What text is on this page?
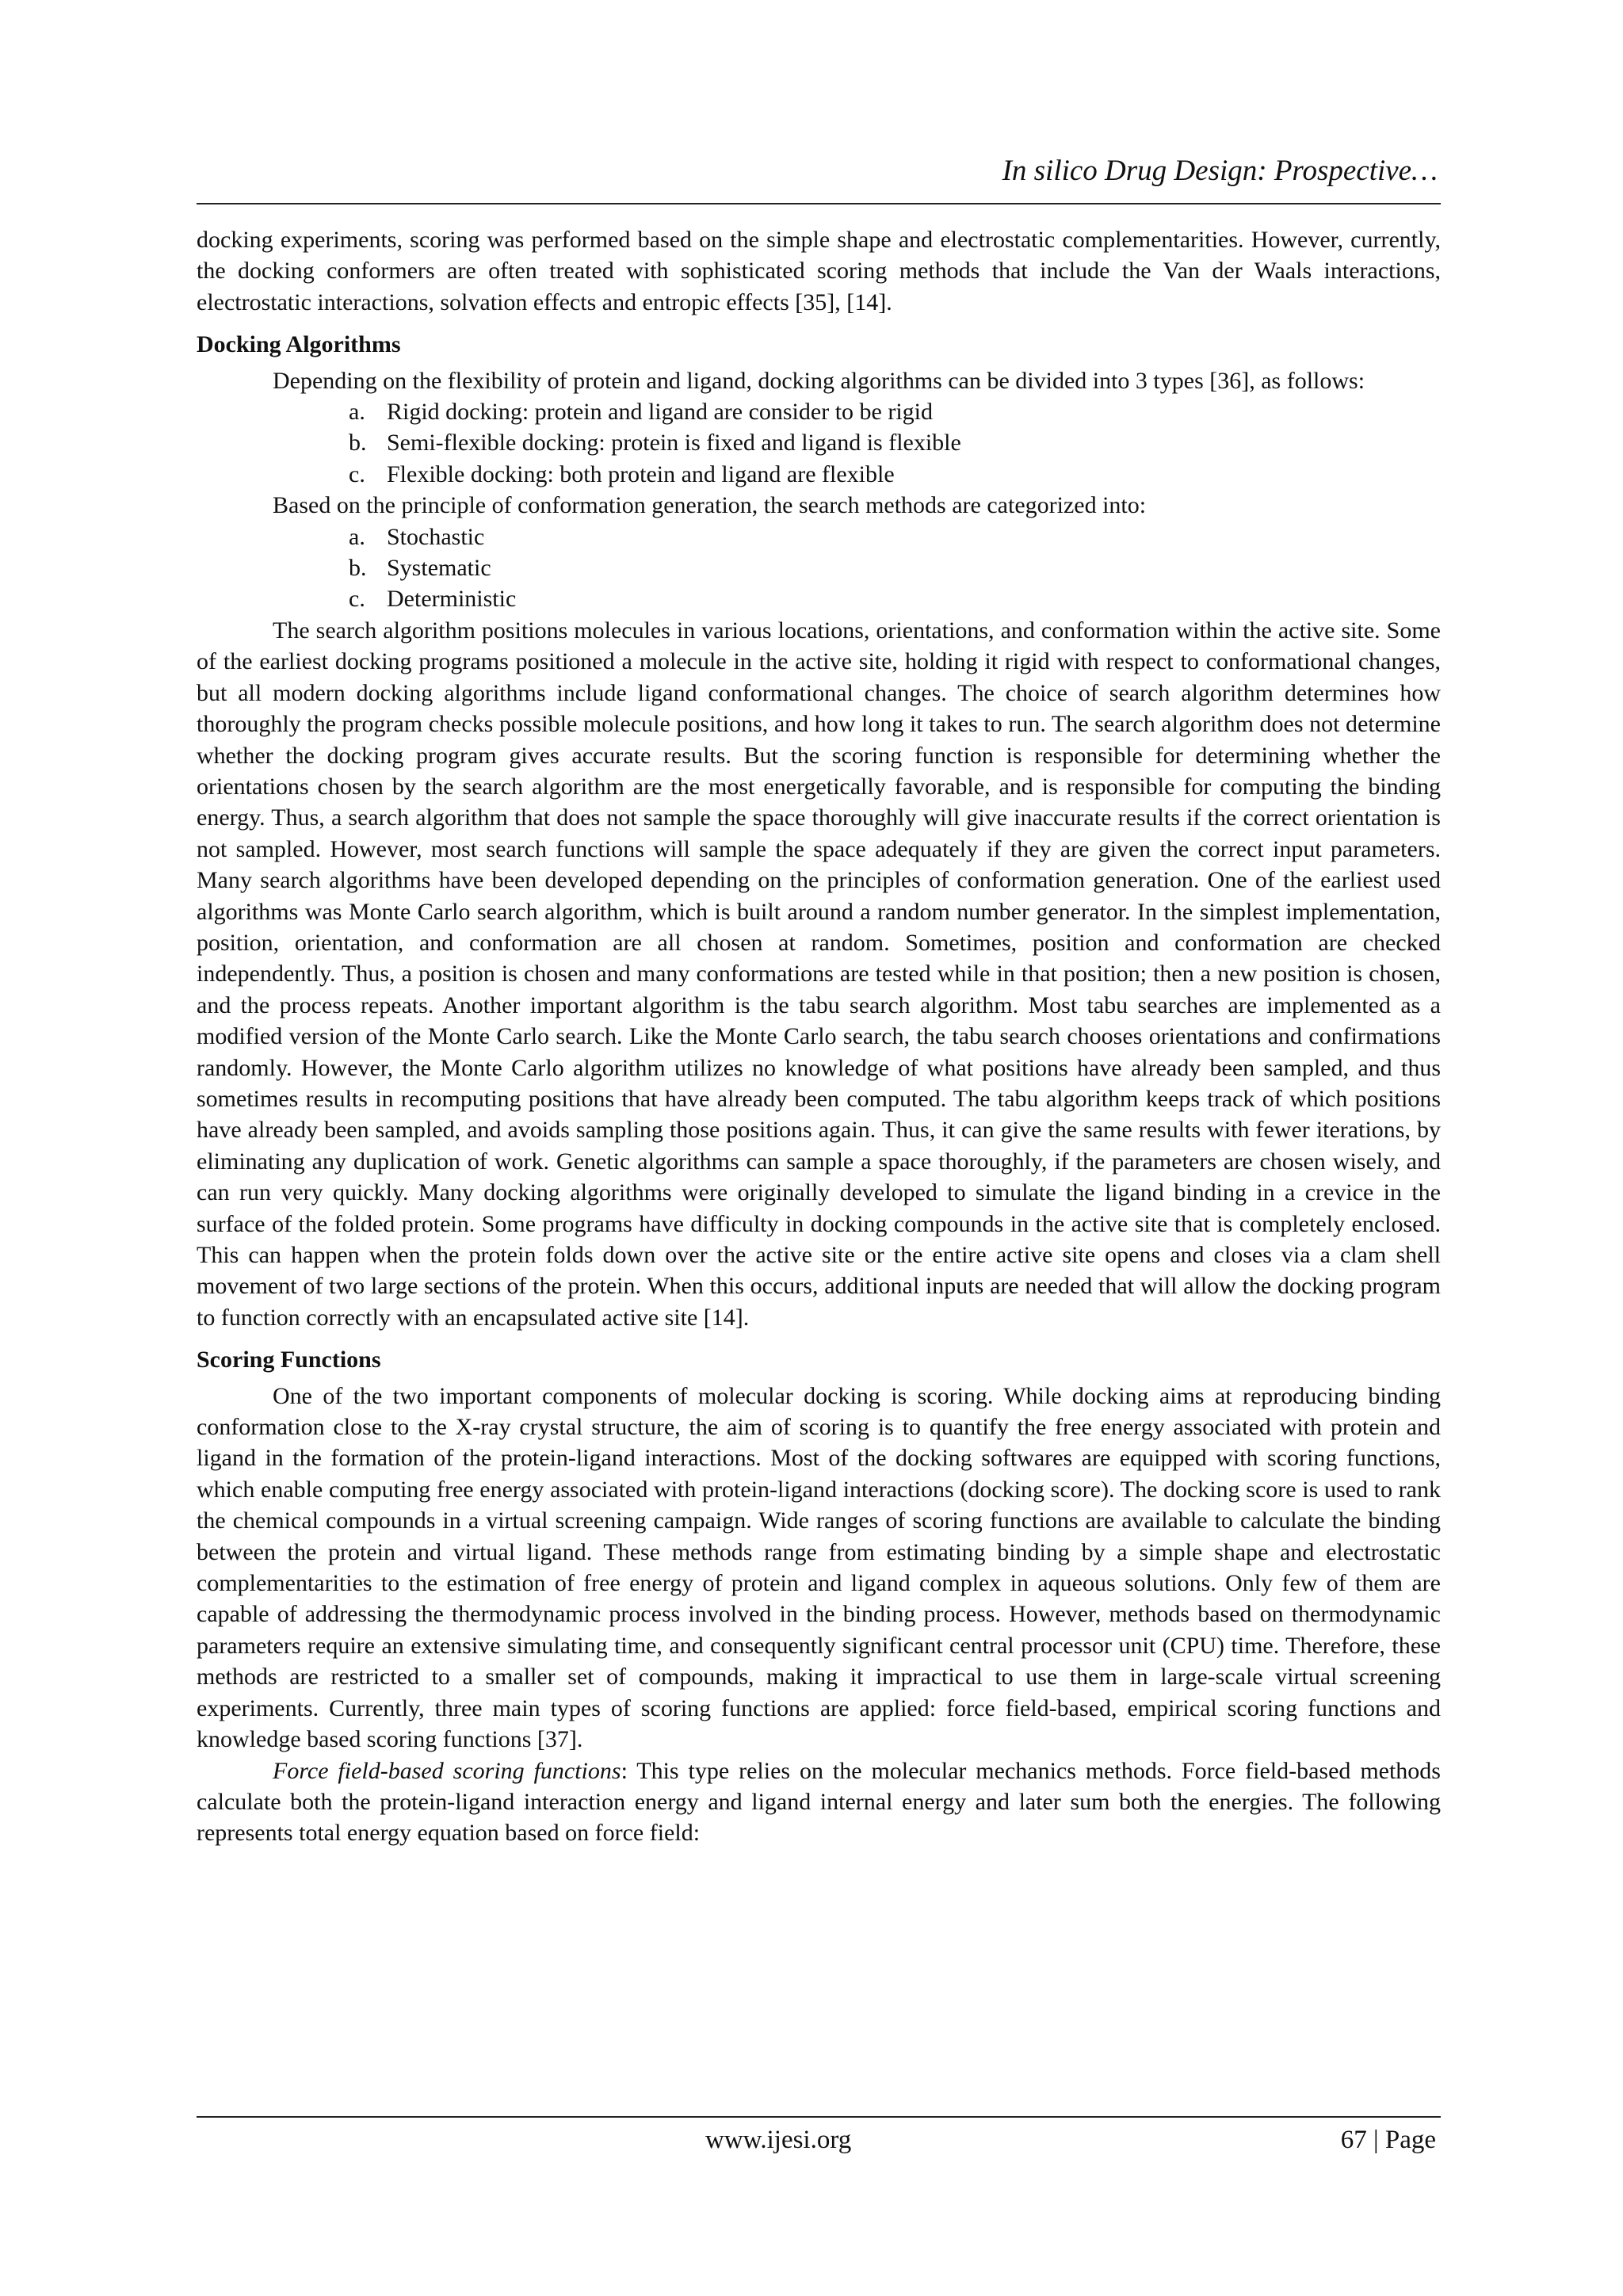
In silico Drug Design: Prospective…

docking experiments, scoring was performed based on the simple shape and electrostatic complementarities. However, currently, the docking conformers are often treated with sophisticated scoring methods that include the Van der Waals interactions, electrostatic interactions, solvation effects and entropic effects [35], [14].

Docking Algorithms

Depending on the flexibility of protein and ligand, docking algorithms can be divided into 3 types [36], as follows:

a. Rigid docking: protein and ligand are consider to be rigid
b. Semi-flexible docking: protein is fixed and ligand is flexible
c. Flexible docking: both protein and ligand are flexible

Based on the principle of conformation generation, the search methods are categorized into:

a. Stochastic
b. Systematic
c. Deterministic

The search algorithm positions molecules in various locations, orientations, and conformation within the active site. Some of the earliest docking programs positioned a molecule in the active site, holding it rigid with respect to conformational changes, but all modern docking algorithms include ligand conformational changes. The choice of search algorithm determines how thoroughly the program checks possible molecule positions, and how long it takes to run. The search algorithm does not determine whether the docking program gives accurate results. But the scoring function is responsible for determining whether the orientations chosen by the search algorithm are the most energetically favorable, and is responsible for computing the binding energy. Thus, a search algorithm that does not sample the space thoroughly will give inaccurate results if the correct orientation is not sampled. However, most search functions will sample the space adequately if they are given the correct input parameters. Many search algorithms have been developed depending on the principles of conformation generation. One of the earliest used algorithms was Monte Carlo search algorithm, which is built around a random number generator. In the simplest implementation, position, orientation, and conformation are all chosen at random. Sometimes, position and conformation are checked independently. Thus, a position is chosen and many conformations are tested while in that position; then a new position is chosen, and the process repeats. Another important algorithm is the tabu search algorithm. Most tabu searches are implemented as a modified version of the Monte Carlo search. Like the Monte Carlo search, the tabu search chooses orientations and confirmations randomly. However, the Monte Carlo algorithm utilizes no knowledge of what positions have already been sampled, and thus sometimes results in recomputing positions that have already been computed. The tabu algorithm keeps track of which positions have already been sampled, and avoids sampling those positions again. Thus, it can give the same results with fewer iterations, by eliminating any duplication of work. Genetic algorithms can sample a space thoroughly, if the parameters are chosen wisely, and can run very quickly. Many docking algorithms were originally developed to simulate the ligand binding in a crevice in the surface of the folded protein. Some programs have difficulty in docking compounds in the active site that is completely enclosed. This can happen when the protein folds down over the active site or the entire active site opens and closes via a clam shell movement of two large sections of the protein. When this occurs, additional inputs are needed that will allow the docking program to function correctly with an encapsulated active site [14].

Scoring Functions

One of the two important components of molecular docking is scoring. While docking aims at reproducing binding conformation close to the X-ray crystal structure, the aim of scoring is to quantify the free energy associated with protein and ligand in the formation of the protein-ligand interactions. Most of the docking softwares are equipped with scoring functions, which enable computing free energy associated with protein-ligand interactions (docking score). The docking score is used to rank the chemical compounds in a virtual screening campaign. Wide ranges of scoring functions are available to calculate the binding between the protein and virtual ligand. These methods range from estimating binding by a simple shape and electrostatic complementarities to the estimation of free energy of protein and ligand complex in aqueous solutions. Only few of them are capable of addressing the thermodynamic process involved in the binding process. However, methods based on thermodynamic parameters require an extensive simulating time, and consequently significant central processor unit (CPU) time. Therefore, these methods are restricted to a smaller set of compounds, making it impractical to use them in large-scale virtual screening experiments. Currently, three main types of scoring functions are applied: force field-based, empirical scoring functions and knowledge based scoring functions [37].

Force field-based scoring functions: This type relies on the molecular mechanics methods. Force field-based methods calculate both the protein-ligand interaction energy and ligand internal energy and later sum both the energies. The following represents total energy equation based on force field:

www.ijesi.org	67 | Page
